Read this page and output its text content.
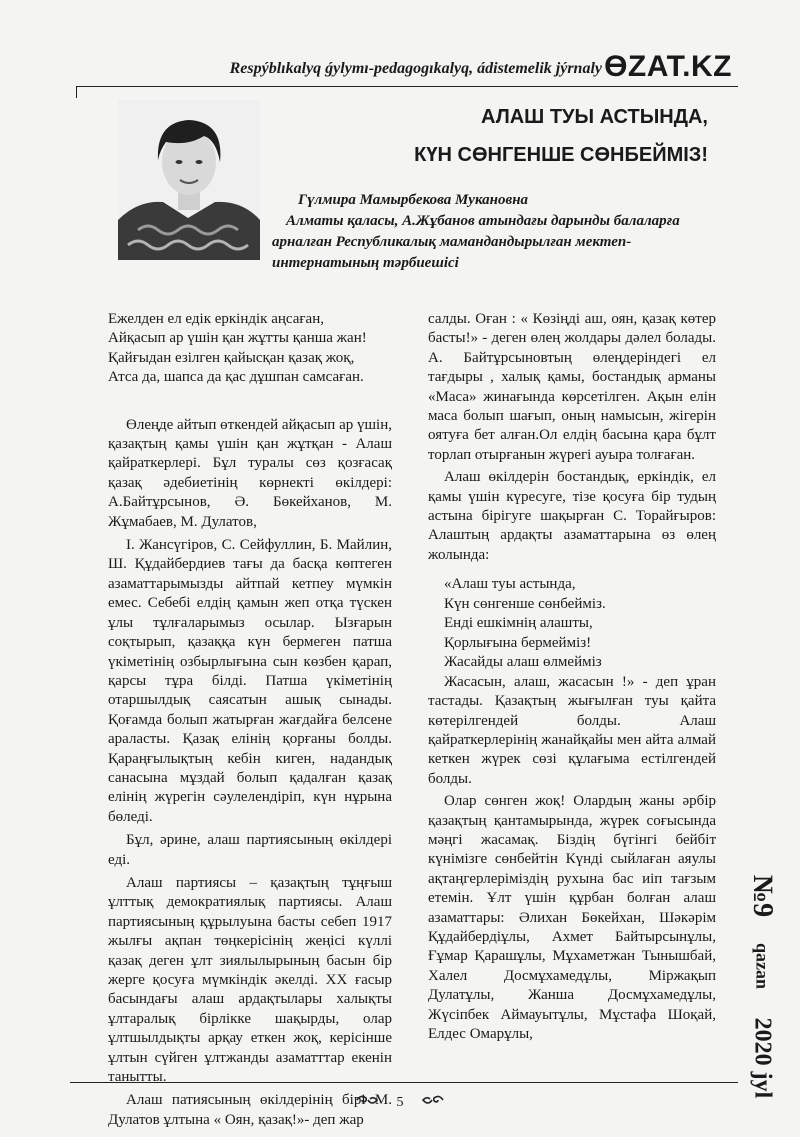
Respýblıkalyq ǵylymı-pedagogıkalyq, ádistemelik jýrnaly ӨZAT.KZ
АЛАШ ТУЫ АСТЫНДА,
КҮН СӨНГЕНШЕ СӨНБЕЙМІЗ!
Гүлмира Мамырбекова Мукановна
Алматы қаласы, А.Жұбанов атындағы дарынды балаларға
арналған Республикалық мамандандырылған мектеп-
интернатының тәрбиешісі
Ежелден ел едік еркіндік аңсаған,
Айқасып ар үшін қан жұтты қанша жан!
Қайғыдан езілген қайысқан қазақ жоқ,
Атса да, шапса да қас дұшпан самсаған.

Өлеңде айтып өткендей айқасып ар үшін, қазақтың қамы үшін қан жұтқан - Алаш қайраткерлері. Бұл туралы сөз қозғасақ қазақ әдебиетінің көрнекті өкілдері: А.Байтұрсынов, Ә. Бөкейханов, М. Жұмабаев, М. Дулатов,

І. Жансүгіров, С. Сейфуллин, Б. Майлин, Ш. Құдайбердиев тағы да басқа көптеген азаматтарымызды айтпай кетпеу мүмкін емес. Себебі елдің қамын жеп отқа түскен ұлы тұлғаларымыз осылар. Ызғарын соқтырып, қазаққа күн бермеген патша үкіметінің озбырлығына сын көзбен қарап, қарсы тұра білді. Патша үкіметінің отаршылдық саясатын ашық сынады. Қоғамда болып жатырған жағдайға белсене араласты. Қазақ елінің қорғаны болды. Қараңғылықтың кебін киген, надандық санасына мұздай болып қадалған қазақ елінің жүрегін сәулелендіріп, күн нұрына бөледі.

Бұл, әрине, алаш партиясының өкілдері еді.

Алаш партиясы – қазақтың тұңғыш ұлттық демократиялық партиясы. Алаш партиясының құрылуына басты себеп 1917 жылғы ақпан төңкерісінің жеңісі күллі қазақ деген ұлт зиялылырының басын бір жерге қосуға мүмкіндік әкелді. ХХ ғасыр басындағы алаш ардақтылары халықты ұлтаралық бірлікке шақырды, олар ұлтшылдықты арқау еткен жоқ, керісінше ұлтын сүйген ұлтжанды азаматттар екенін танытты.

Алаш патиясының өкілдерінің бірі М. Дулатов ұлтына « Оян, қазақ!»- деп жар

салды. Оған : « Көзіңді аш, оян, қазақ көтер басты!» - деген өлең жолдары дәлел болады. А. Байтұрсыновтың өлеңдеріндегі ел тағдыры , халық қамы, бостандық арманы «Маса» жинағында көрсетілген. Ақын елін маса болып шағып, оның намысын, жігерін оятуға бет алған.Ол елдің басына қара бұлт торлап отырғанын жүрегі ауыра толғаған.

Алаш өкілдерін бостандық, еркіндік, ел қамы үшін күресуге, тізе қосуға бір тудың астына бірігуге шақырған С. Торайғыров: Алаштың ардақты азаматтарына өз өлең жолында:

«Алаш туы астында,
Күн сөнгенше сөнбейміз.
Енді ешкімнің алашты,
Қорлығына бермейміз!
Жасайды алаш өлмейміз

Жасасын, алаш, жасасын !» - деп ұран тастады. Қазақтың жығылған туы қайта көтерілгендей болды. Алаш қайраткерлерінің жанайқайы мен айта алмай кеткен жүрек сөзі құлағыма естілгендей болды.

Олар сөнген жоқ! Олардың жаны әрбір қазақтың қантамырында, жүрек соғысында мәңгі жасамақ. Біздің бүгінгі бейбіт күнімізге сөнбейтін Күнді сыйлаған аяулы ақтаңгерлерімiздің рухына бас иіп тағзым етемін. Ұлт үшін құрбан болған алаш азаматтары: Әлихан Бөкейхан, Шәкәрім Құдайбердіұлы, Ахмет Байтырсынұлы, Ғұмар Қарашұлы, Мұхаметжан Тынышбай, Халел Досмұхамедұлы, Міржақып Дулатұлы, Жанша Досмұхамедұлы, Жүсіпбек Аймауытұлы, Мұстафа Шоқай, Елдес Омарұлы,

№9
qazan
2020 jyl
5
